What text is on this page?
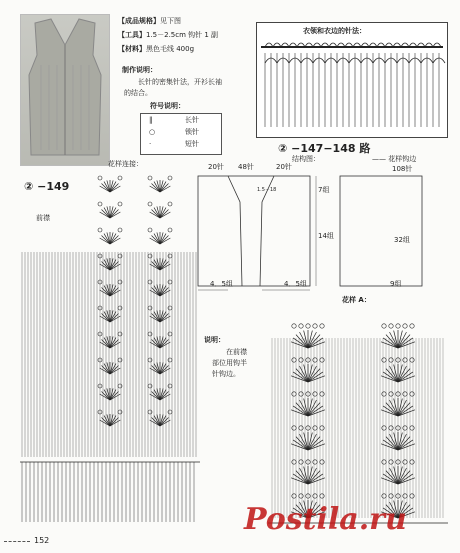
【成品规格】见下图
【工具】1.5－2.5cm 钩针 1 副
【材料】黑色毛线 400g
制作说明：
长针的密集针法，开衫长袖
的结合。
符号说明：
‖	长针
○	锁针
·	短针
衣领和衣边的针法：
② −147−148 路
结构图：	—— 花样钩边
108针
20针 48针	20针
1.5－18	7组
14组	32组
4．5组	4．5组	9组
花样 A：
花样连接：
② −149
前襟
说明：
在前襟
部位用钩半
针钩边。
Postila.ru
152
